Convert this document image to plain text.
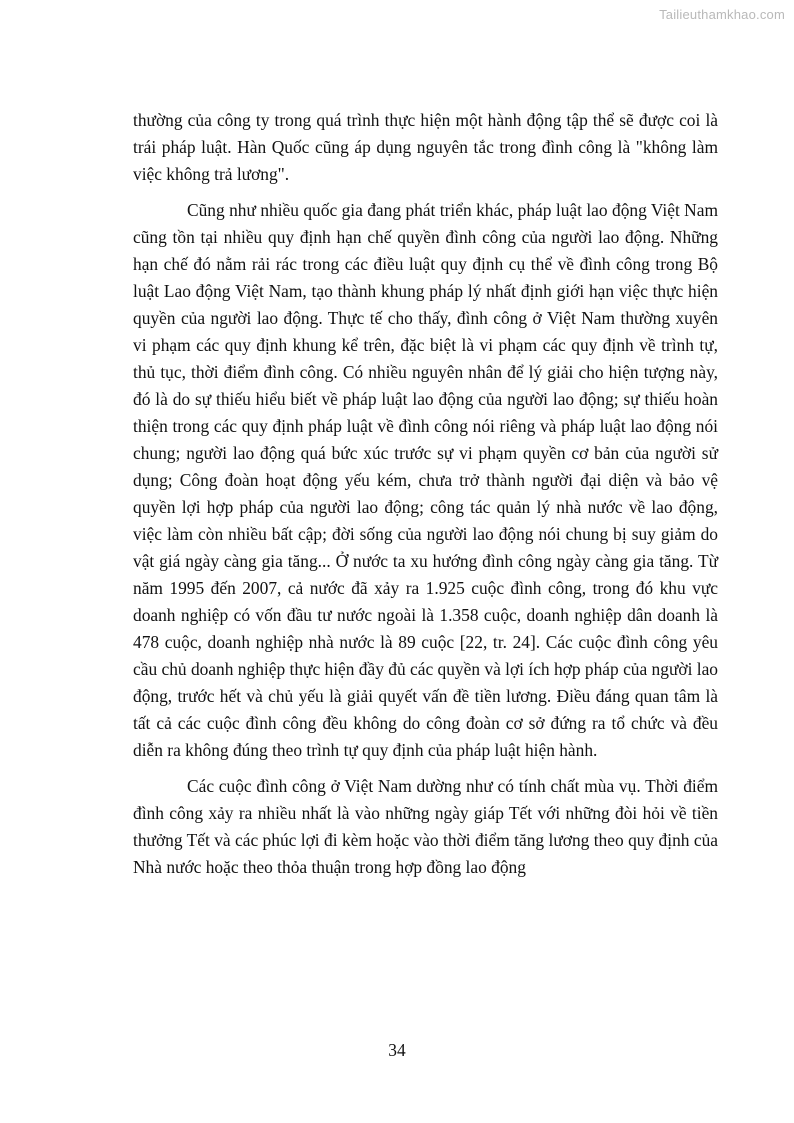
Tailieuthamkhao.com

thường của công ty trong quá trình thực hiện một hành động tập thể sẽ được coi là trái pháp luật. Hàn Quốc cũng áp dụng nguyên tắc trong đình công là "không làm việc không trả lương".

Cũng như nhiều quốc gia đang phát triển khác, pháp luật lao động Việt Nam cũng tồn tại nhiều quy định hạn chế quyền đình công của người lao động. Những hạn chế đó nằm rải rác trong các điều luật quy định cụ thể về đình công trong Bộ luật Lao động Việt Nam, tạo thành khung pháp lý nhất định giới hạn việc thực hiện quyền của người lao động. Thực tế cho thấy, đình công ở Việt Nam thường xuyên vi phạm các quy định khung kể trên, đặc biệt là vi phạm các quy định về trình tự, thủ tục, thời điểm đình công. Có nhiều nguyên nhân để lý giải cho hiện tượng này, đó là do sự thiếu hiểu biết về pháp luật lao động của người lao động; sự thiếu hoàn thiện trong các quy định pháp luật về đình công nói riêng và pháp luật lao động nói chung; người lao động quá bức xúc trước sự vi phạm quyền cơ bản của người sử dụng; Công đoàn hoạt động yếu kém, chưa trở thành người đại diện và bảo vệ quyền lợi hợp pháp của người lao động; công tác quản lý nhà nước về lao động, việc làm còn nhiều bất cập; đời sống của người lao động nói chung bị suy giảm do vật giá ngày càng gia tăng... Ở nước ta xu hướng đình công ngày càng gia tăng. Từ năm 1995 đến 2007, cả nước đã xảy ra 1.925 cuộc đình công, trong đó khu vực doanh nghiệp có vốn đầu tư nước ngoài là 1.358 cuộc, doanh nghiệp dân doanh là 478 cuộc, doanh nghiệp nhà nước là 89 cuộc [22, tr. 24]. Các cuộc đình công yêu cầu chủ doanh nghiệp thực hiện đầy đủ các quyền và lợi ích hợp pháp của người lao động, trước hết và chủ yếu là giải quyết vấn đề tiền lương. Điều đáng quan tâm là tất cả các cuộc đình công đều không do công đoàn cơ sở đứng ra tổ chức và đều diễn ra không đúng theo trình tự quy định của pháp luật hiện hành.

Các cuộc đình công ở Việt Nam dường như có tính chất mùa vụ. Thời điểm đình công xảy ra nhiều nhất là vào những ngày giáp Tết với những đòi hỏi về tiền thưởng Tết và các phúc lợi đi kèm hoặc vào thời điểm tăng lương theo quy định của Nhà nước hoặc theo thỏa thuận trong hợp đồng lao động

34
